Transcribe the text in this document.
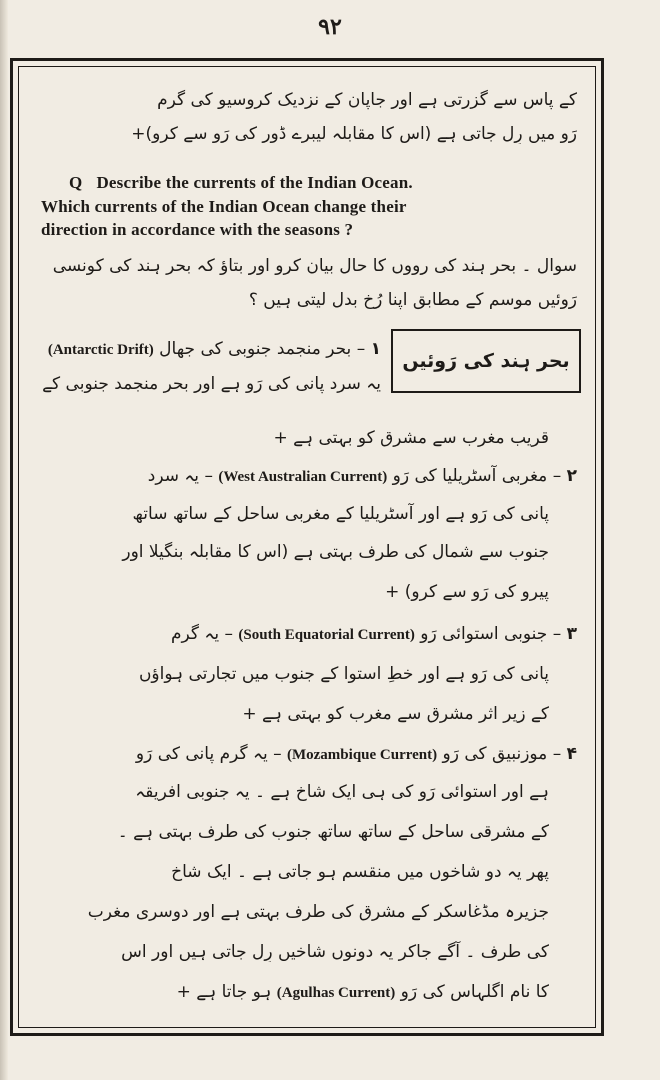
۹۲
کے پاس سے گزرتی ہے اور جاپان کے نزدیک کروسیو کی گرم
رَو میں رِل جاتی ہے (اس کا مقابلہ لیبرے ڈور کی رَو سے کرو)+
Q Describe the currents of the Indian Ocean.
Which currents of the Indian Ocean change their
direction in accordance with the seasons ?
سوال ۔ بحر ہند کی رووں کا حال بیان کرو اور بتاؤ کہ بحر ہند کی کونسی
رَوئیں موسم کے مطابق اپنا رُخ بدل لیتی ہیں ؟
بحر ہند کی رَوئیں
۱ – بحر منجمد جنوبی کی جھال (Antarctic Drift)
یہ سرد پانی کی رَو ہے اور بحر منجمد جنوبی کے
قریب مغرب سے مشرق کو بہتی ہے +
۲ – مغربی آسٹریلیا کی رَو (West Australian Current) – یہ سرد
پانی کی رَو ہے اور آسٹریلیا کے مغربی ساحل کے ساتھ ساتھ
جنوب سے شمال کی طرف بہتی ہے (اس کا مقابلہ بنگیلا اور
پیرو کی رَو سے کرو) +
۳ – جنوبی استوائی رَو (South Equatorial Current) – یہ گرم
پانی کی رَو ہے اور خطِ استوا کے جنوب میں تجارتی ہواؤں
کے زیر اثر مشرق سے مغرب کو بہتی ہے +
۴ – موزنبیق کی رَو (Mozambique Current) – یہ گرم پانی کی رَو
ہے اور استوائی رَو کی ہی ایک شاخ ہے ۔ یہ جنوبی افریقہ
کے مشرقی ساحل کے ساتھ ساتھ جنوب کی طرف بہتی ہے ۔
پھر یہ دو شاخوں میں منقسم ہو جاتی ہے ۔ ایک شاخ
جزیرہ مڈغاسکر کے مشرق کی طرف بہتی ہے اور دوسری مغرب
کی طرف ۔ آگے جاکر یہ دونوں شاخیں رِل جاتی ہیں اور اس
کا نام اگلہاس کی رَو (Agulhas Current) ہو جاتا ہے +
